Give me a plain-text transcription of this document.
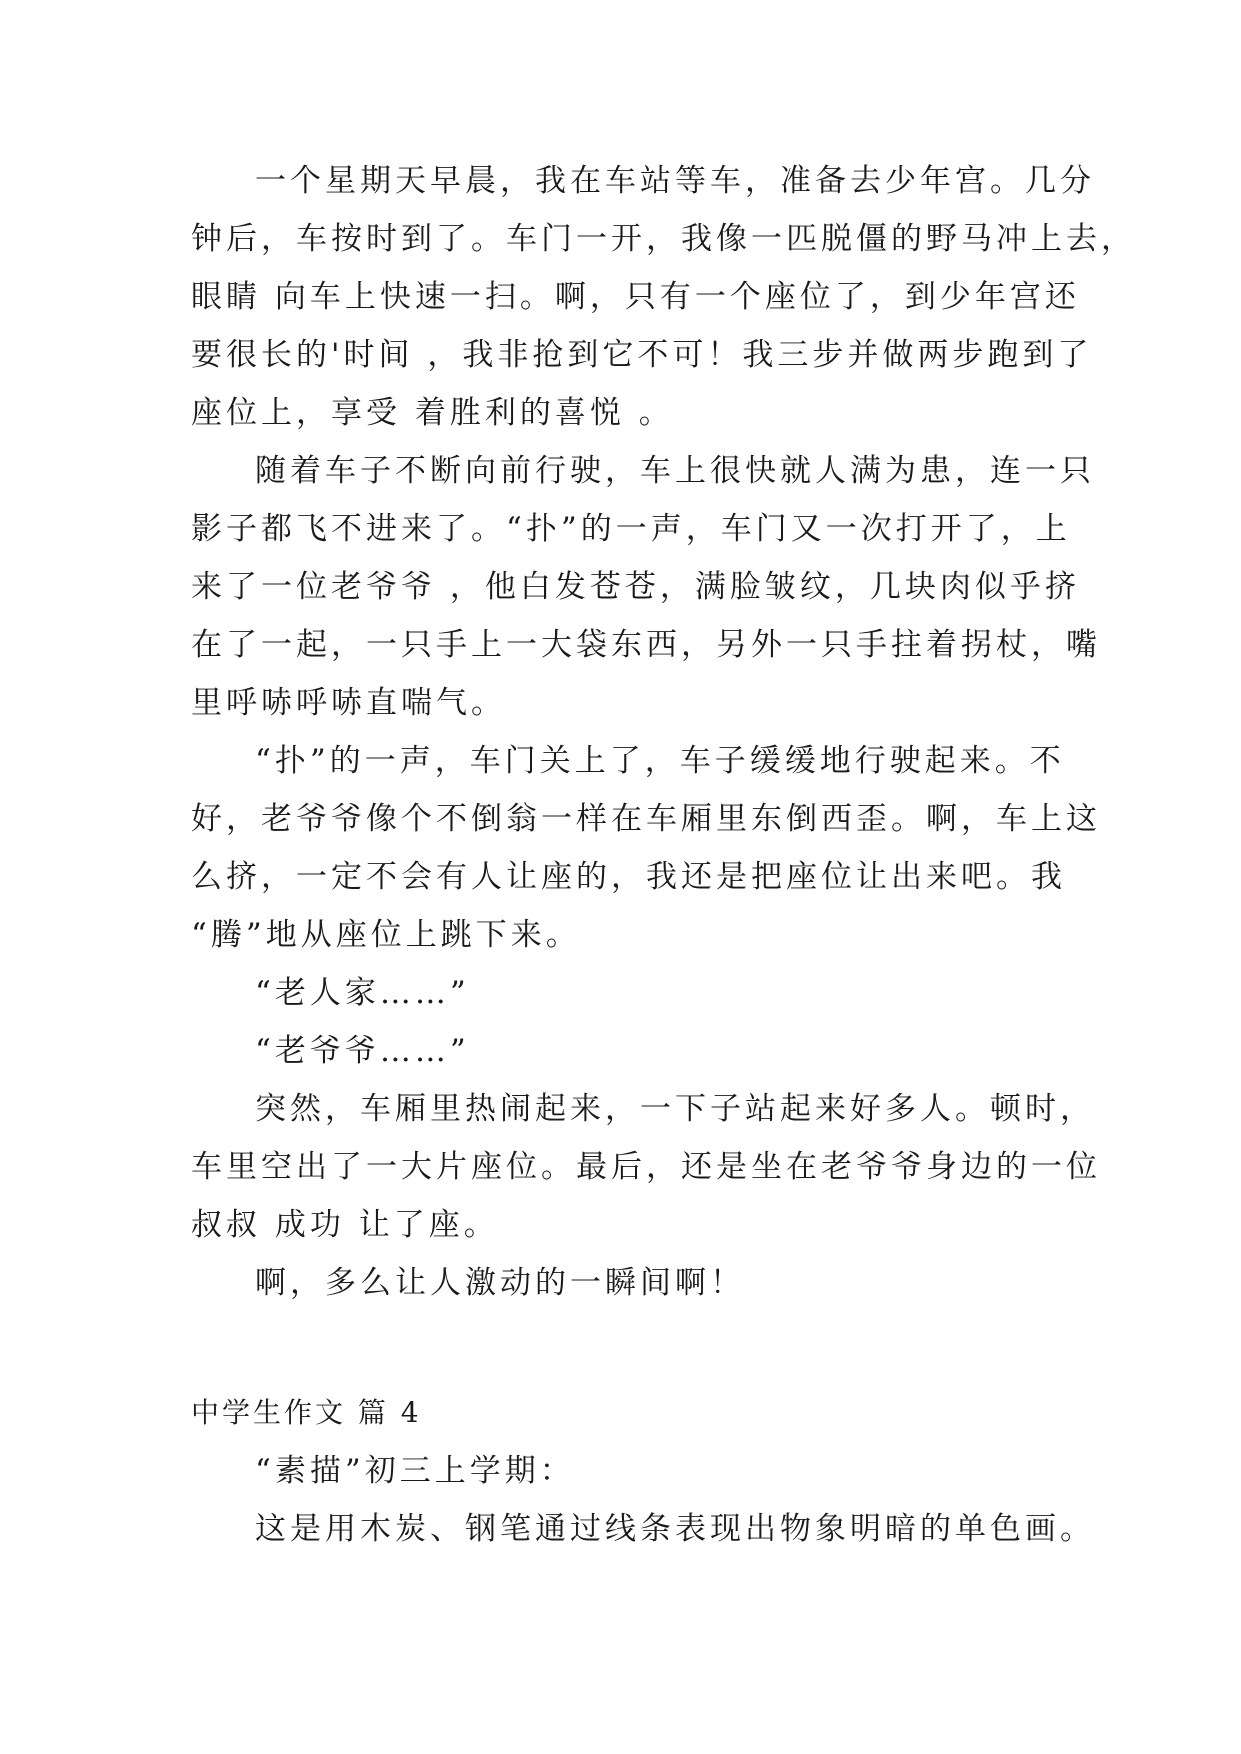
一个星期天早晨，我在车站等车，准备去少年宫。几分
钟后，车按时到了。车门一开，我像一匹脱僵的野马冲上去，
眼睛 向车上快速一扫。啊，只有一个座位了，到少年宫还
要很长的'时间 ，我非抢到它不可！我三步并做两步跑到了
座位上，享受 着胜利的喜悦 。
随着车子不断向前行驶，车上很快就人满为患，连一只
影子都飞不进来了。“扑”的一声，车门又一次打开了，上
来了一位老爷爷 ，他白发苍苍，满脸皱纹，几块肉似乎挤
在了一起，一只手上一大袋东西，另外一只手拄着拐杖，嘴
里呼哧呼哧直喘气。
“扑”的一声，车门关上了，车子缓缓地行驶起来。不
好，老爷爷像个不倒翁一样在车厢里东倒西歪。啊，车上这
么挤，一定不会有人让座的，我还是把座位让出来吧。我
“腾”地从座位上跳下来。
“老人家……”
“老爷爷……”
突然，车厢里热闹起来，一下子站起来好多人。顿时，
车里空出了一大片座位。最后，还是坐在老爷爷身边的一位
叔叔 成功 让了座。
啊，多么让人激动的一瞬间啊！
中学生作文 篇 4
“素描”初三上学期：
这是用木炭、钢笔通过线条表现出物象明暗的单色画。
